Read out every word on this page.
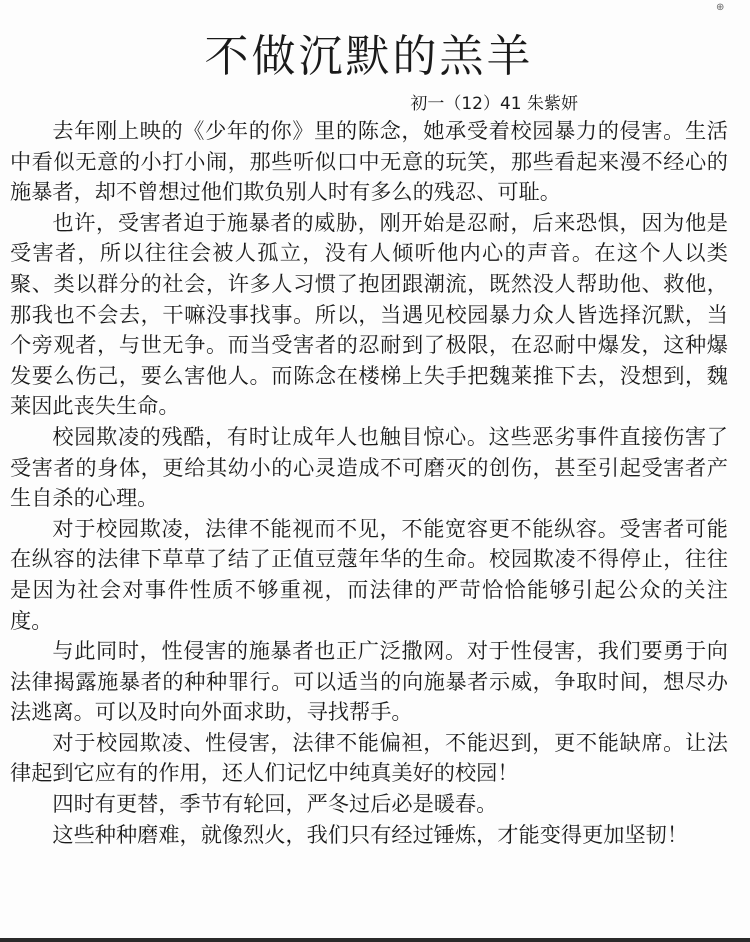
⊕
不做沉默的羔羊
初一（12）41 朱紫妍

去年刚上映的《少年的你》里的陈念，她承受着校园暴力的侵害。生活中看似无意的小打小闹，那些听似口中无意的玩笑，那些看起来漫不经心的施暴者，却不曾想过他们欺负别人时有多么的残忍、可耻。

也许，受害者迫于施暴者的威胁，刚开始是忍耐，后来恐惧，因为他是受害者，所以往往会被人孤立，没有人倾听他内心的声音。在这个人以类聚、类以群分的社会，许多人习惯了抱团跟潮流，既然没人帮助他、救他，那我也不会去，干嘛没事找事。所以，当遇见校园暴力众人皆选择沉默，当个旁观者，与世无争。而当受害者的忍耐到了极限，在忍耐中爆发，这种爆发要么伤己，要么害他人。而陈念在楼梯上失手把魏莱推下去，没想到，魏莱因此丧失生命。

校园欺凌的残酷，有时让成年人也触目惊心。这些恶劣事件直接伤害了受害者的身体，更给其幼小的心灵造成不可磨灭的创伤，甚至引起受害者产生自杀的心理。

对于校园欺凌，法律不能视而不见，不能宽容更不能纵容。受害者可能在纵容的法律下草草了结了正值豆蔻年华的生命。校园欺凌不得停止，往往是因为社会对事件性质不够重视，而法律的严苛恰恰能够引起公众的关注度。

与此同时，性侵害的施暴者也正广泛撒网。对于性侵害，我们要勇于向法律揭露施暴者的种种罪行。可以适当的向施暴者示威，争取时间，想尽办法逃离。可以及时向外面求助，寻找帮手。

对于校园欺凌、性侵害，法律不能偏袒，不能迟到，更不能缺席。让法律起到它应有的作用，还人们记忆中纯真美好的校园！

四时有更替，季节有轮回，严冬过后必是暖春。

这些种种磨难，就像烈火，我们只有经过锤炼，才能变得更加坚韧！
